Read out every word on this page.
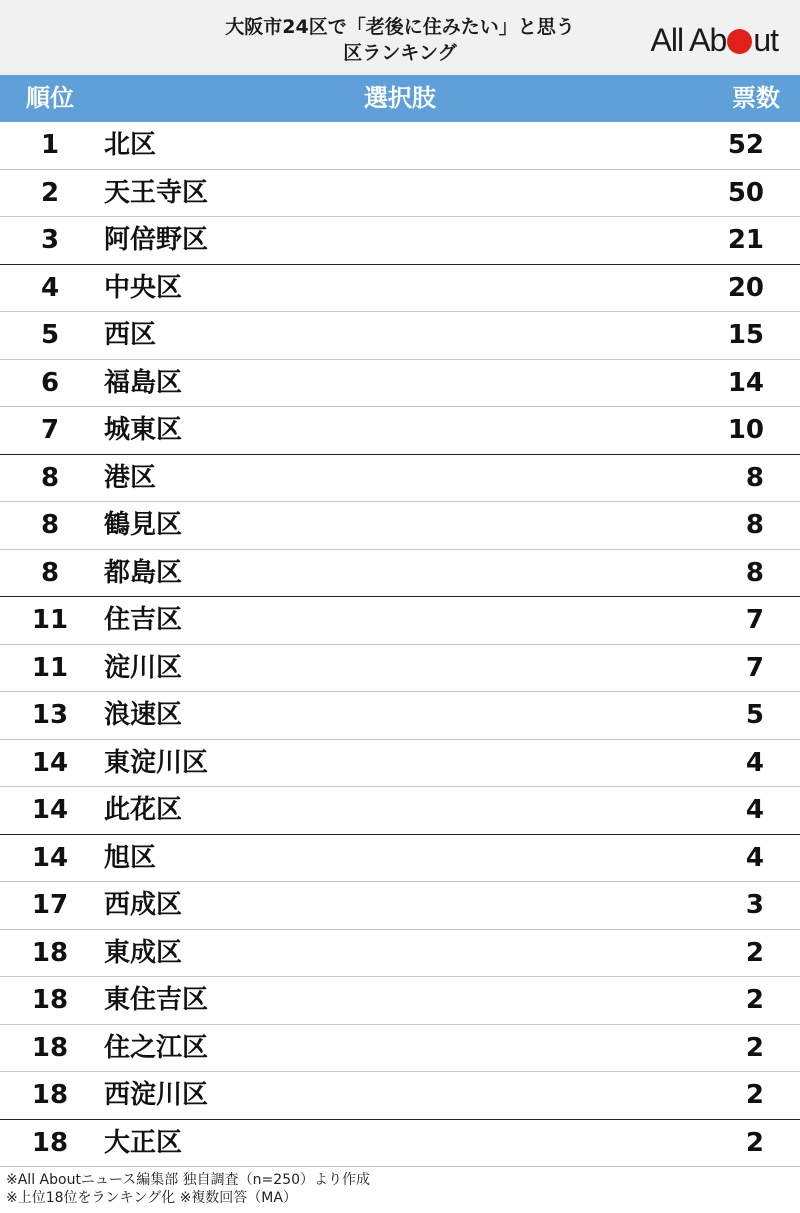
大阪市24区で「老後に住みたい」と思う
区ランキング	All Ab ut
順位	選択肢	票数
1	北区	52
2	天王寺区	50
3	阿倍野区	21
4	中央区	20
5	西区	15
6	福島区	14
7	城東区	10
8	港区	8
8	鶴見区	8
8	都島区	8
11	住吉区	7
11	淀川区	7
13	浪速区	5
14	東淀川区	4
14	此花区	4
14	旭区	4
17	西成区	3
18	東成区	2
18	東住吉区	2
18	住之江区	2
18	西淀川区	2
18	大正区	2
※All Aboutニュース編集部 独自調査（n=250）より作成
※上位18位をランキング化 ※複数回答（MA）
